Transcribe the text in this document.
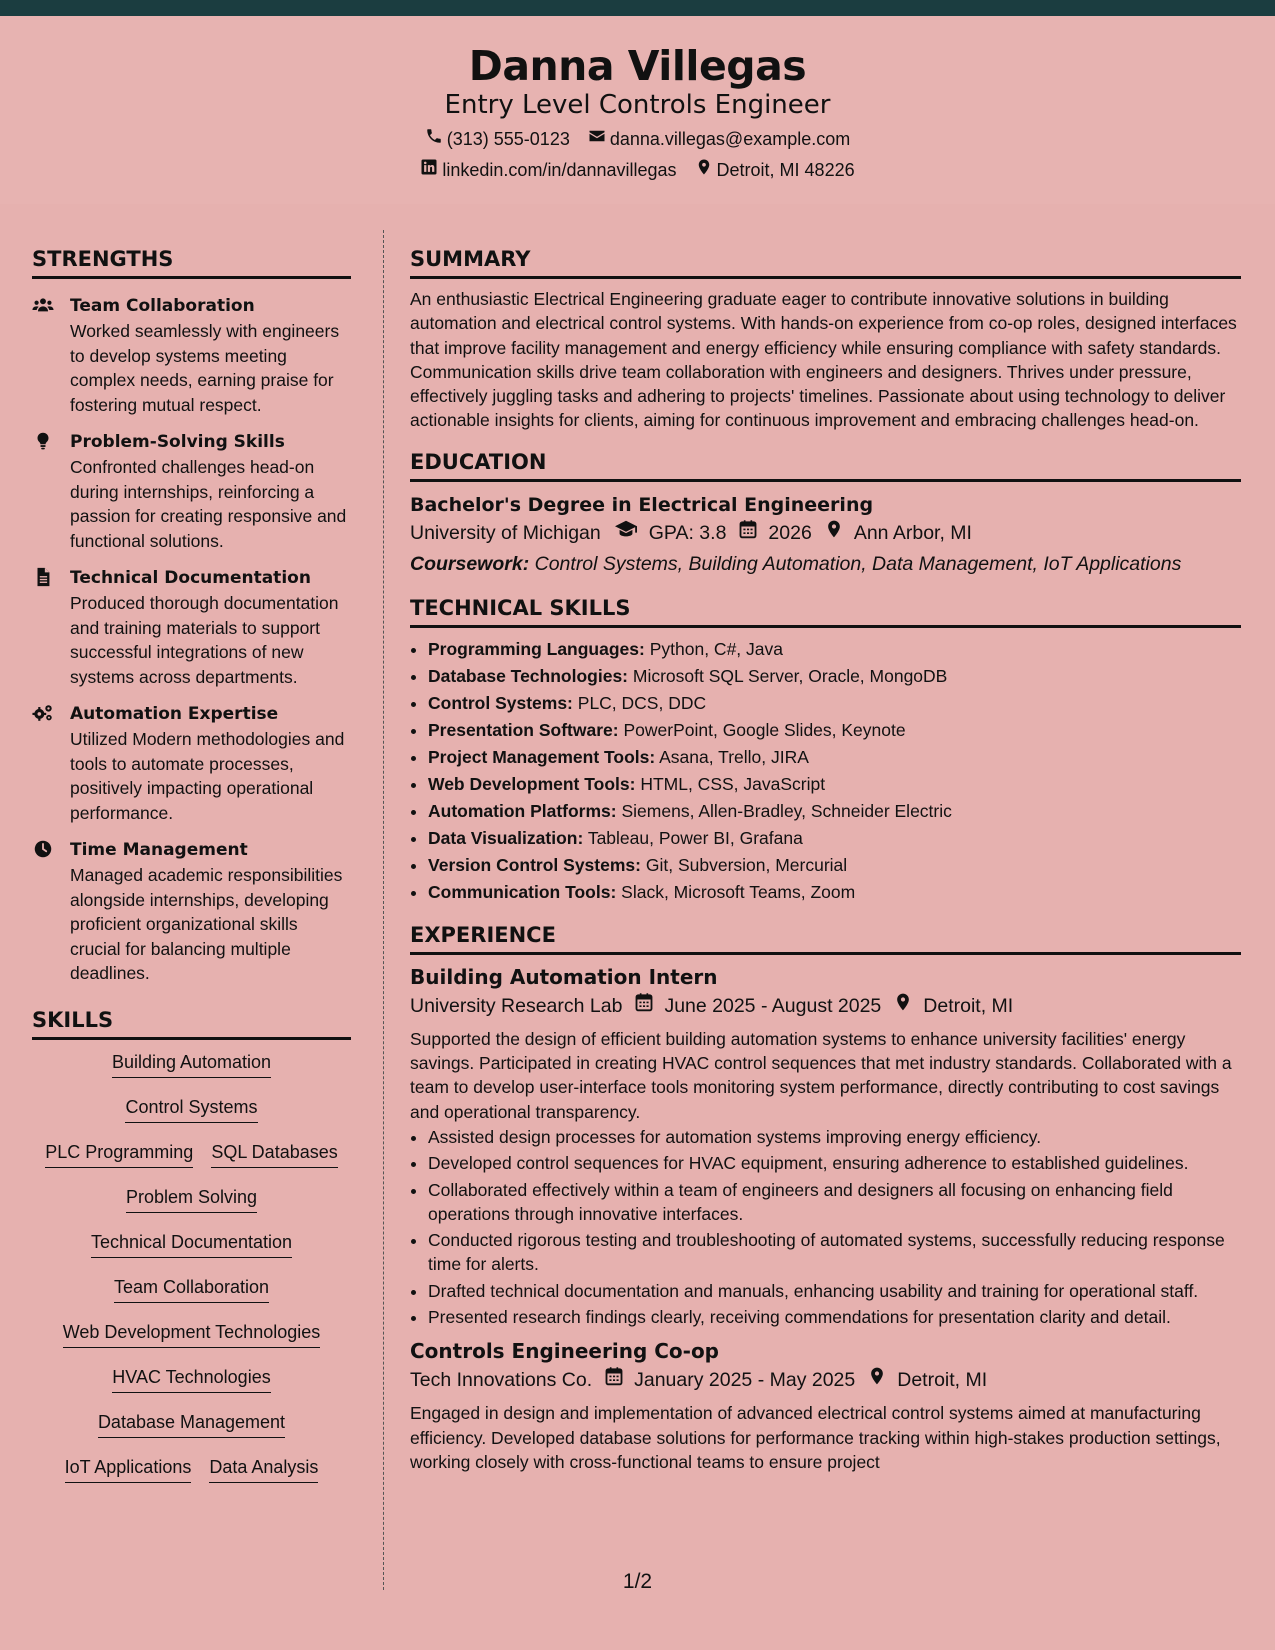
Danna Villegas
Entry Level Controls Engineer
(313) 555-0123 danna.villegas@example.com
linkedin.com/in/dannavillegas Detroit, MI 48226
STRENGTHS
Team Collaboration
Worked seamlessly with engineers to develop systems meeting complex needs, earning praise for fostering mutual respect.
Problem-Solving Skills
Confronted challenges head-on during internships, reinforcing a passion for creating responsive and functional solutions.
Technical Documentation
Produced thorough documentation and training materials to support successful integrations of new systems across departments.
Automation Expertise
Utilized Modern methodologies and tools to automate processes, positively impacting operational performance.
Time Management
Managed academic responsibilities alongside internships, developing proficient organizational skills crucial for balancing multiple deadlines.
SKILLS
Building Automation
Control Systems
PLC Programming SQL Databases
Problem Solving
Technical Documentation
Team Collaboration
Web Development Technologies
HVAC Technologies
Database Management
IoT Applications Data Analysis
SUMMARY
An enthusiastic Electrical Engineering graduate eager to contribute innovative solutions in building automation and electrical control systems. With hands-on experience from co-op roles, designed interfaces that improve facility management and energy efficiency while ensuring compliance with safety standards. Communication skills drive team collaboration with engineers and designers. Thrives under pressure, effectively juggling tasks and adhering to projects' timelines. Passionate about using technology to deliver actionable insights for clients, aiming for continuous improvement and embracing challenges head-on.
EDUCATION
Bachelor's Degree in Electrical Engineering
University of Michigan GPA: 3.8 2026 Ann Arbor, MI
Coursework: Control Systems, Building Automation, Data Management, IoT Applications
TECHNICAL SKILLS
• Programming Languages: Python, C#, Java
• Database Technologies: Microsoft SQL Server, Oracle, MongoDB
• Control Systems: PLC, DCS, DDC
• Presentation Software: PowerPoint, Google Slides, Keynote
• Project Management Tools: Asana, Trello, JIRA
• Web Development Tools: HTML, CSS, JavaScript
• Automation Platforms: Siemens, Allen-Bradley, Schneider Electric
• Data Visualization: Tableau, Power BI, Grafana
• Version Control Systems: Git, Subversion, Mercurial
• Communication Tools: Slack, Microsoft Teams, Zoom
EXPERIENCE
Building Automation Intern
University Research Lab June 2025 - August 2025 Detroit, MI
Supported the design of efficient building automation systems to enhance university facilities' energy savings. Participated in creating HVAC control sequences that met industry standards. Collaborated with a team to develop user-interface tools monitoring system performance, directly contributing to cost savings and operational transparency.
• Assisted design processes for automation systems improving energy efficiency.
• Developed control sequences for HVAC equipment, ensuring adherence to established guidelines.
• Collaborated effectively within a team of engineers and designers all focusing on enhancing field operations through innovative interfaces.
• Conducted rigorous testing and troubleshooting of automated systems, successfully reducing response time for alerts.
• Drafted technical documentation and manuals, enhancing usability and training for operational staff.
• Presented research findings clearly, receiving commendations for presentation clarity and detail.
Controls Engineering Co-op
Tech Innovations Co. January 2025 - May 2025 Detroit, MI
Engaged in design and implementation of advanced electrical control systems aimed at manufacturing efficiency. Developed database solutions for performance tracking within high-stakes production settings, working closely with cross-functional teams to ensure project
1/2
